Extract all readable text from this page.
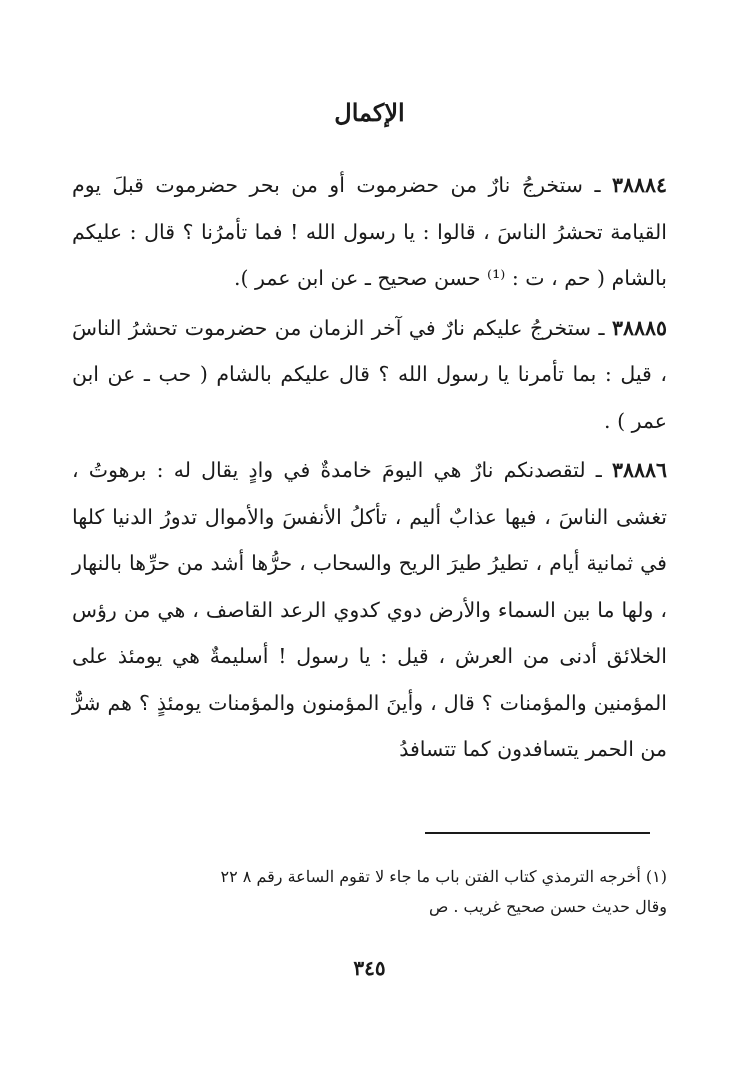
الإكمال

٣٨٨٨٤ ـ ستخرجُ نارٌ من حضرموت أو من بحر حضرموت قبلَ يوم القيامة تحشرُ الناسَ ، قالوا : يا رسول الله ! فما تأمرُنا ؟ قال : عليكم بالشام ( حم ، ت : ⁽¹⁾ حسن صحيح ـ عن ابن عمر ).

٣٨٨٨٥ ـ ستخرجُ عليكم نارٌ في آخر الزمان من حضرموت تحشرُ الناسَ ، قيل : بما تأمرنا يا رسول الله ؟ قال عليكم بالشام ( حب ـ عن ابن عمر ) .

٣٨٨٨٦ ـ لتقصدنكم نارٌ هي اليومَ خامدةٌ في وادٍ يقال له : برهوتُ ، تغشى الناسَ ، فيها عذابٌ أليم ، تأكلُ الأنفسَ والأموال تدورُ الدنيا كلها في ثمانية أيام ، تطيرُ طيرَ الريح والسحاب ، حرُّها أشد من حرِّها بالنهار ، ولها ما بين السماء والأرض دوي كدوي الرعد القاصف ، هي من رؤس الخلائق أدنى من العرش ، قيل : يا رسول ! أسليمةٌ هي يومئذ على المؤمنين والمؤمنات ؟ قال ، وأينَ المؤمنون والمؤمنات يومئذٍ ؟ هم شرٌّ من الحمر يتسافدون كما تتسافدُ

(١) أخرجه الترمذي كتاب الفتن باب ما جاء لا تقوم الساعة رقم ٨ ٢٢
وقال حديث حسن صحيح غريب . ص
٣٤٥
